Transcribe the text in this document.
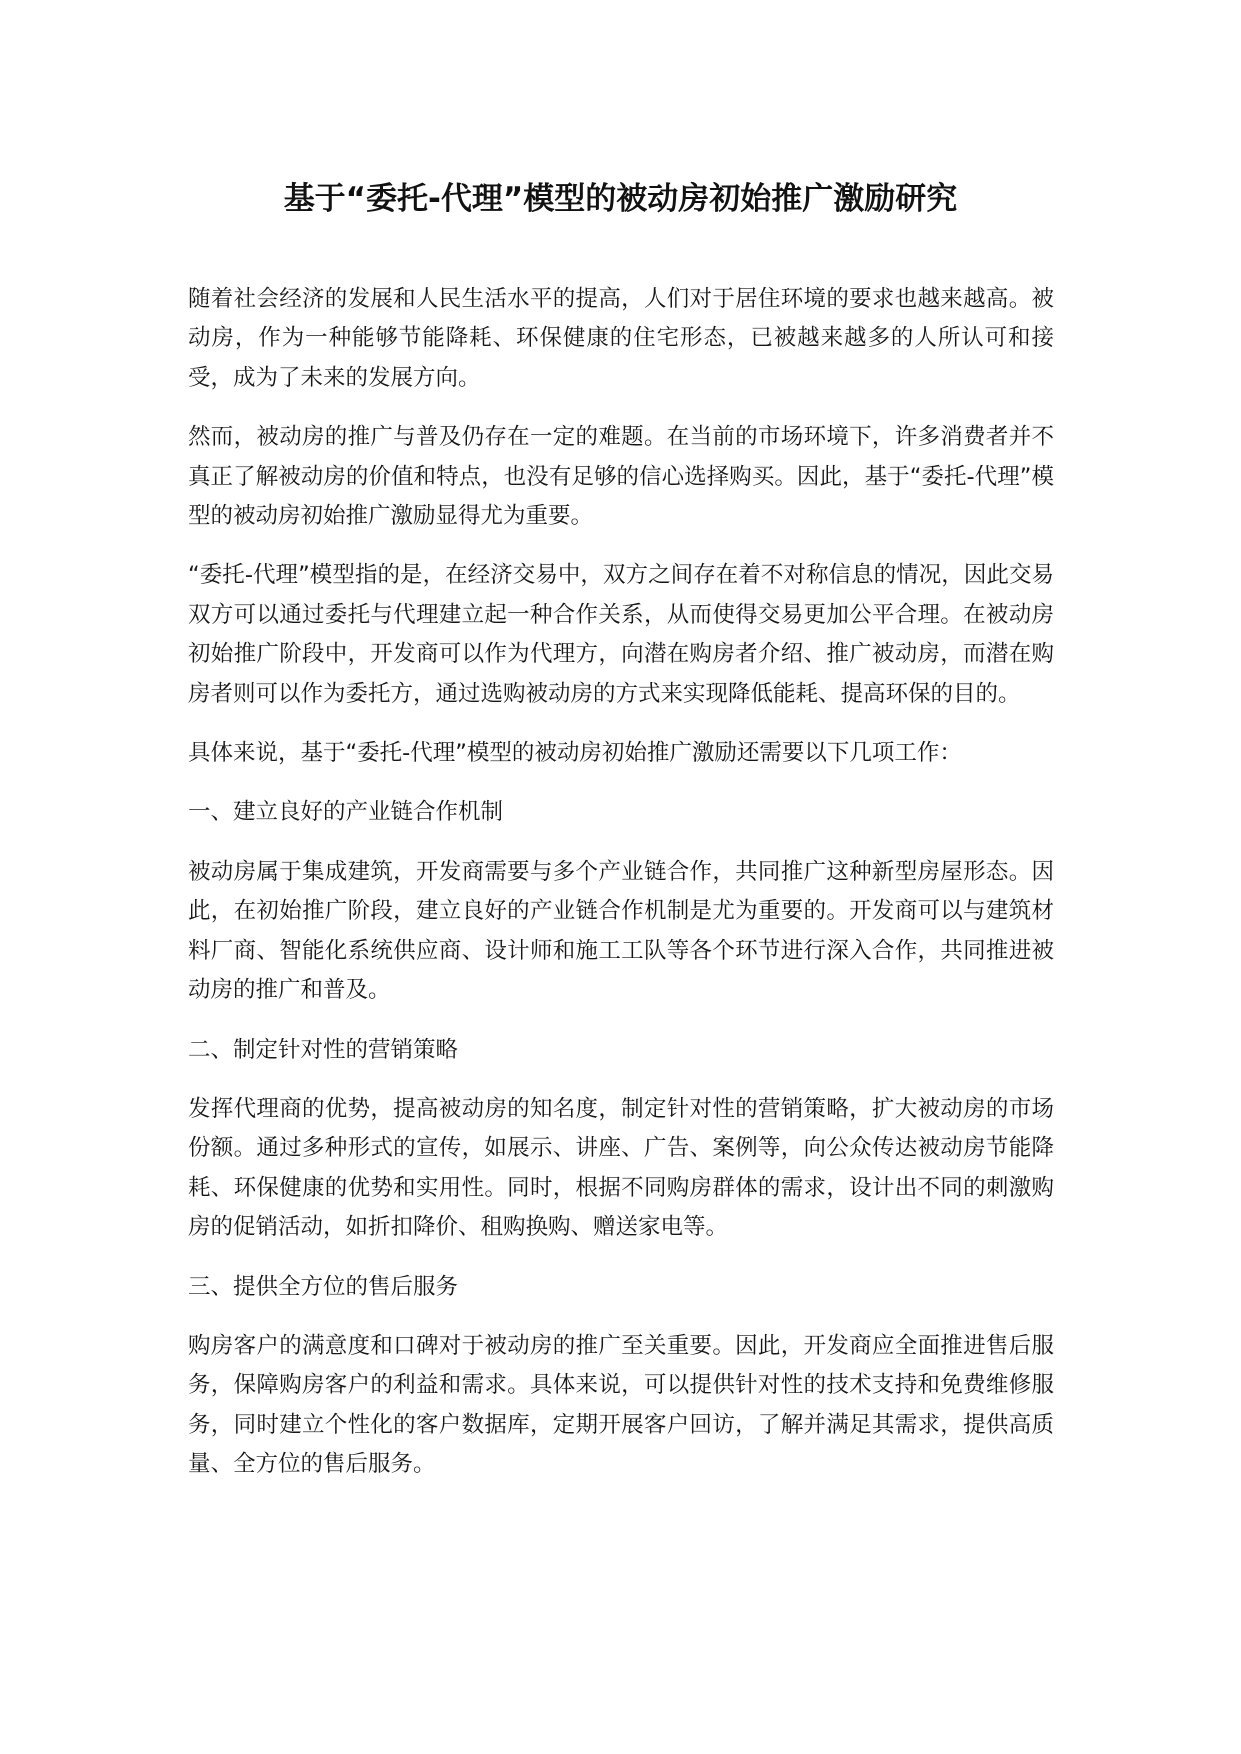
基于“委托-代理”模型的被动房初始推广激励研究

随着社会经济的发展和人民生活水平的提高，人们对于居住环境的要求也越来越高。被动房，作为一种能够节能降耗、环保健康的住宅形态，已被越来越多的人所认可和接受，成为了未来的发展方向。

然而，被动房的推广与普及仍存在一定的难题。在当前的市场环境下，许多消费者并不真正了解被动房的价值和特点，也没有足够的信心选择购买。因此，基于“委托-代理”模型的被动房初始推广激励显得尤为重要。

“委托-代理”模型指的是，在经济交易中，双方之间存在着不对称信息的情况，因此交易双方可以通过委托与代理建立起一种合作关系，从而使得交易更加公平合理。在被动房初始推广阶段中，开发商可以作为代理方，向潜在购房者介绍、推广被动房，而潜在购房者则可以作为委托方，通过选购被动房的方式来实现降低能耗、提高环保的目的。

具体来说，基于“委托-代理”模型的被动房初始推广激励还需要以下几项工作：

一、建立良好的产业链合作机制

被动房属于集成建筑，开发商需要与多个产业链合作，共同推广这种新型房屋形态。因此，在初始推广阶段，建立良好的产业链合作机制是尤为重要的。开发商可以与建筑材料厂商、智能化系统供应商、设计师和施工工队等各个环节进行深入合作，共同推进被动房的推广和普及。

二、制定针对性的营销策略

发挥代理商的优势，提高被动房的知名度，制定针对性的营销策略，扩大被动房的市场份额。通过多种形式的宣传，如展示、讲座、广告、案例等，向公众传达被动房节能降耗、环保健康的优势和实用性。同时，根据不同购房群体的需求，设计出不同的刺激购房的促销活动，如折扣降价、租购换购、赠送家电等。

三、提供全方位的售后服务

购房客户的满意度和口碑对于被动房的推广至关重要。因此，开发商应全面推进售后服务，保障购房客户的利益和需求。具体来说，可以提供针对性的技术支持和免费维修服务，同时建立个性化的客户数据库，定期开展客户回访，了解并满足其需求，提供高质量、全方位的售后服务。
